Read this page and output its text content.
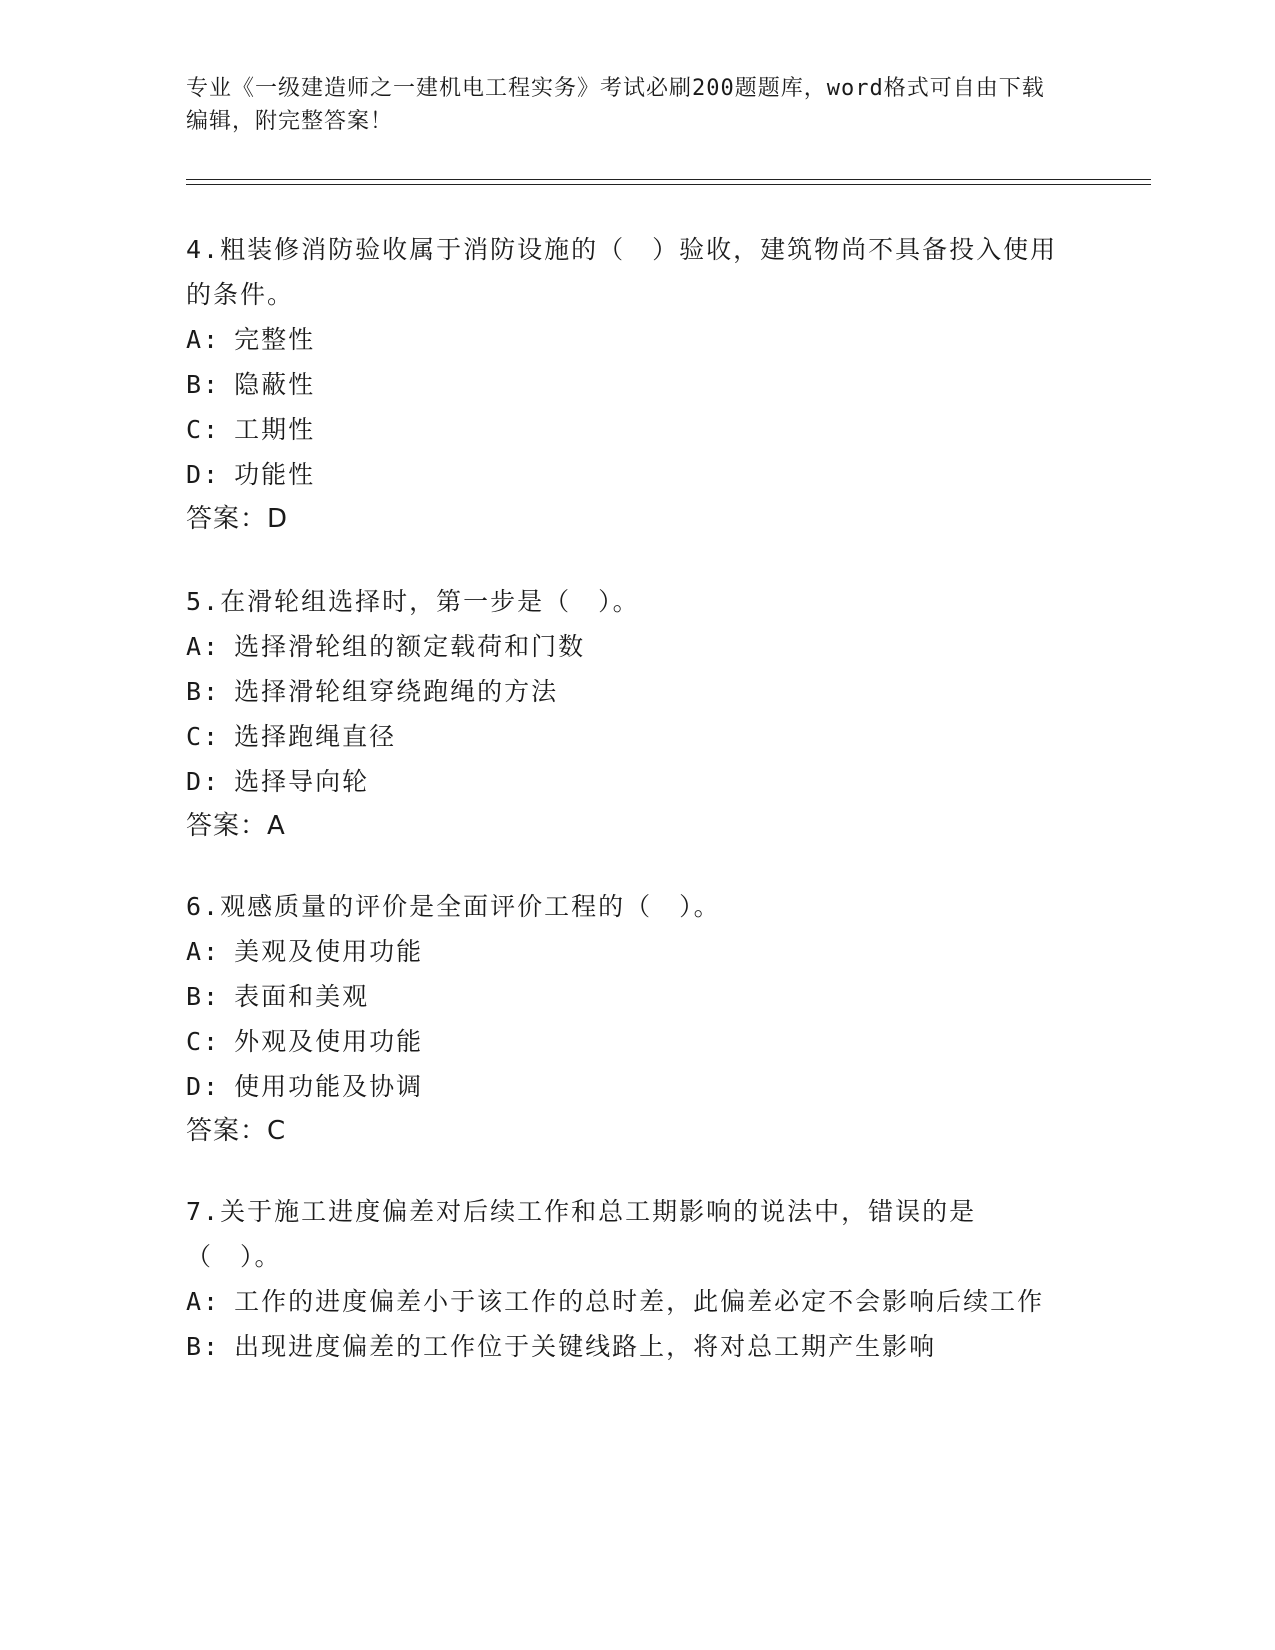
专业《一级建造师之一建机电工程实务》考试必刷200题题库，word格式可自由下载编辑，附完整答案！
4.粗装修消防验收属于消防设施的（　）验收，建筑物尚不具备投入使用的条件。
A: 完整性
B: 隐蔽性
C: 工期性
D: 功能性
答案：D
5.在滑轮组选择时，第一步是（　）。
A: 选择滑轮组的额定载荷和门数
B: 选择滑轮组穿绕跑绳的方法
C: 选择跑绳直径
D: 选择导向轮
答案：A
6.观感质量的评价是全面评价工程的（　）。
A: 美观及使用功能
B: 表面和美观
C: 外观及使用功能
D: 使用功能及协调
答案：C
7.关于施工进度偏差对后续工作和总工期影响的说法中，错误的是（　）。
A: 工作的进度偏差小于该工作的总时差，此偏差必定不会影响后续工作
B: 出现进度偏差的工作位于关键线路上，将对总工期产生影响
